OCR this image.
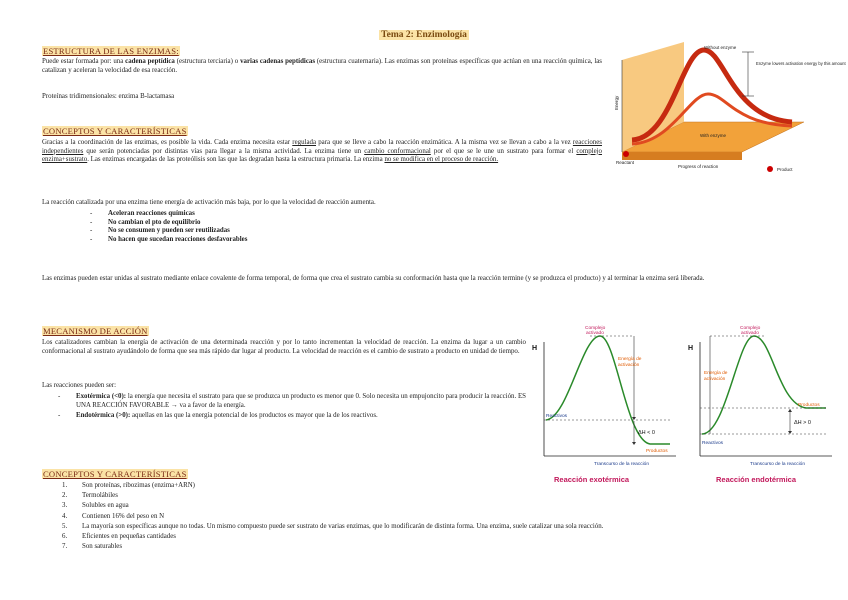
Tema 2: Enzimología
ESTRUCTURA DE LAS ENZIMAS:
Puede estar formada por: una cadena peptídica (estructura terciaria) o varias cadenas peptídicas (estructura cuaternaria). Las enzimas son proteínas específicas que actúan en una reacción química, las catalizan y aceleran la velocidad de esa reacción.
Proteínas tridimensionales: enzima B-lactamasa
Without enzyme
With enzyme
Enzyme lowers activation energy by this amount
Reactant
Progress of reaction
Product
Energy
CONCEPTOS Y CARACTERÍSTICAS
Gracias a la coordinación de las enzimas, es posible la vida. Cada enzima necesita estar regulada para que se lleve a cabo la reacción enzimática. A la misma vez se llevan a cabo a la vez reacciones independientes que serán potenciadas por distintas vías para llegar a la misma actividad. La enzima tiene un cambio conformacional por el que se le une un sustrato para formar el complejo enzima+sustrato. Las enzimas encargadas de las proteólisis son las que las degradan hasta la estructura primaria. La enzima no se modifica en el proceso de reacción.
La reacción catalizada por una enzima tiene energía de activación más baja, por lo que la velocidad de reacción aumenta.
- Aceleran reacciones químicas
- No cambian el pto de equilibrio
- No se consumen y pueden ser reutilizadas
- No hacen que sucedan reacciones desfavorables
Las enzimas pueden estar unidas al sustrato mediante enlace covalente de forma temporal, de forma que crea el sustrato cambia su conformación hasta que la reacción termine (y se produzca el producto) y al terminar la enzima será liberada.
MECANISMO DE ACCIÓN
Los catalizadores cambian la energía de activación de una determinada reacción y por lo tanto incrementan la velocidad de reacción. La enzima da lugar a un cambio conformacional al sustrato ayudándolo de forma que sea más rápido dar lugar al producto. La velocidad de reacción es el cambio de sustrato a producto en unidad de tiempo.
Las reacciones pueden ser:
- Exotérmica (<0): la energía que necesita el sustrato para que se produzca un producto es menor que 0. Solo necesita un empujoncito para producir la reacción. ES UNA REACCIÓN FAVORABLE → va a favor de la energía.
- Endotérmica (>0): aquellas en las que la energía potencial de los productos es mayor que la de los reactivos.
H
Complejo activado
Energía de activación
Reactivos
Productos
ΔH < 0
Transcurso de la reacción
Reacción exotérmica
H
Complejo activado
Energía de activación
Reactivos
Productos
ΔH > 0
Transcurso de la reacción
Reacción endotérmica
CONCEPTOS Y CARACTERÍSTICAS
1. Son proteínas, ribozimas (enzima+ARN)
2. Termolábiles
3. Solubles en agua
4. Contienen 16% del peso en N
5. La mayoría son específicas aunque no todas. Un mismo compuesto puede ser sustrato de varias enzimas, que lo modificarán de distinta forma. Una enzima, suele catalizar una sola reacción.
6. Eficientes en pequeñas cantidades
7. Son saturables
